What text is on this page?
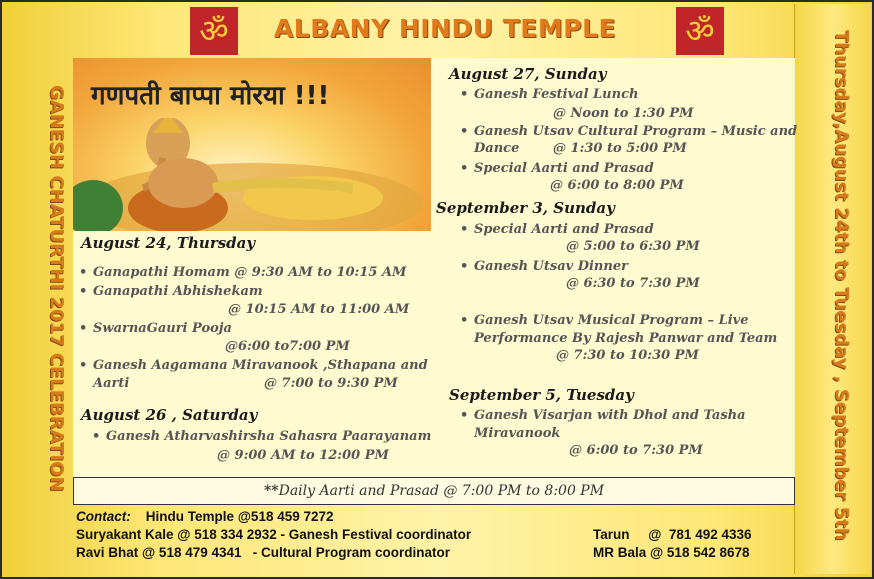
ॐ	ॐ
ALBANY HINDU TEMPLE
GANESH CHATURTHI 2017 CELEBRATION	Thursday,August 24th to Tuesday , September 5th
गणपती बाप्पा मोरया !!!
August 24, Thursday
• Ganapathi Homam @ 9:30 AM to 10:15 AM
• Ganapathi Abhishekam
@ 10:15 AM to 11:00 AM
• SwarnaGauri Pooja
@6:00 to7:00 PM
• Ganesh Aagamana Miravanook ,Sthapana and
Aarti	@ 7:00 to 9:30 PM
August 26 , Saturday
• Ganesh Atharvashirsha Sahasra Paarayanam
@ 9:00 AM to 12:00 PM
August 27, Sunday
• Ganesh Festival Lunch
@ Noon to 1:30 PM
• Ganesh Utsav Cultural Program – Music and
Dance	@ 1:30 to 5:00 PM
• Special Aarti and Prasad
@ 6:00 to 8:00 PM
September 3, Sunday
• Special Aarti and Prasad
@ 5:00 to 6:30 PM
• Ganesh Utsav Dinner
@ 6:30 to 7:30 PM
• Ganesh Utsav Musical Program – Live
Performance By Rajesh Panwar and Team
@ 7:30 to 10:30 PM
September 5, Tuesday
• Ganesh Visarjan with Dhol and Tasha
Miravanook
@ 6:00 to 7:30 PM
**Daily Aarti and Prasad @ 7:00 PM to 8:00 PM
Contact: Hindu Temple @518 459 7272
Suryakant Kale @ 518 334 2932 - Ganesh Festival coordinator
Ravi Bhat @ 518 479 4341   - Cultural Program coordinator
Tarun     @  781 492 4336
MR Bala @ 518 542 8678
